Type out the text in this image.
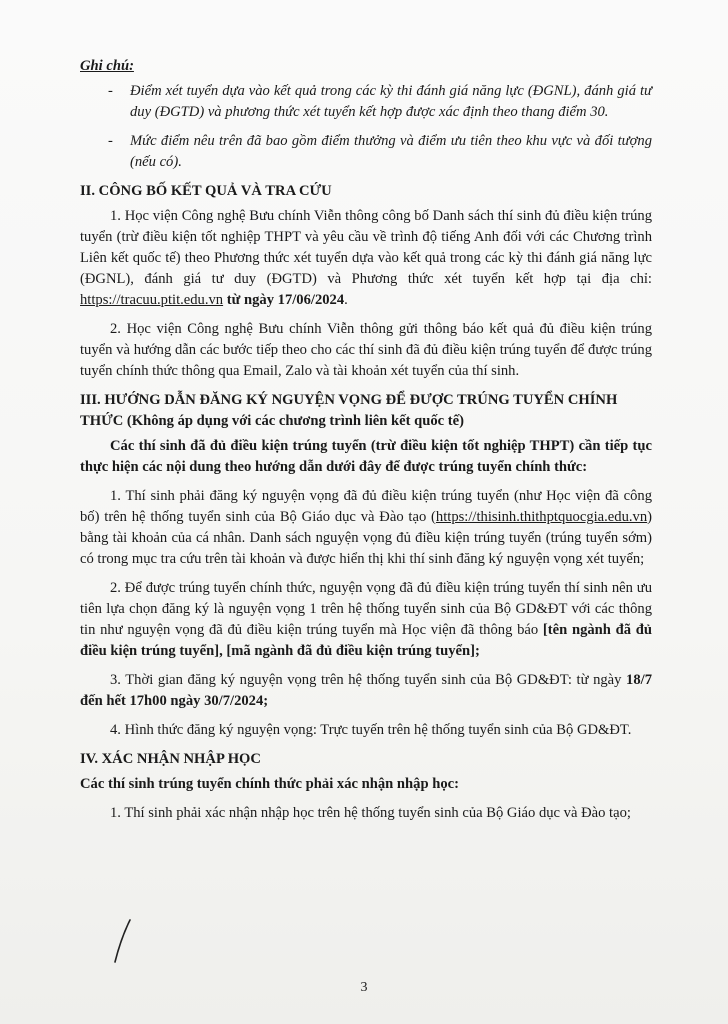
Ghi chú:
- Điểm xét tuyển dựa vào kết quả trong các kỳ thi đánh giá năng lực (ĐGNL), đánh giá tư duy (ĐGTD) và phương thức xét tuyển kết hợp được xác định theo thang điểm 30.
- Mức điểm nêu trên đã bao gồm điểm thưởng và điểm ưu tiên theo khu vực và đối tượng (nếu có).
II. CÔNG BỐ KẾT QUẢ VÀ TRA CỨU

1. Học viện Công nghệ Bưu chính Viễn thông công bố Danh sách thí sinh đủ điều kiện trúng tuyển (trừ điều kiện tốt nghiệp THPT và yêu cầu về trình độ tiếng Anh đối với các Chương trình Liên kết quốc tế) theo Phương thức xét tuyển dựa vào kết quả trong các kỳ thi đánh giá năng lực (ĐGNL), đánh giá tư duy (ĐGTD) và Phương thức xét tuyển kết hợp tại địa chỉ: https://tracuu.ptit.edu.vn từ ngày 17/06/2024.

2. Học viện Công nghệ Bưu chính Viễn thông gửi thông báo kết quả đủ điều kiện trúng tuyển và hướng dẫn các bước tiếp theo cho các thí sinh đã đủ điều kiện trúng tuyển để được trúng tuyển chính thức thông qua Email, Zalo và tài khoản xét tuyển của thí sinh.

III. HƯỚNG DẪN ĐĂNG KÝ NGUYỆN VỌNG ĐỂ ĐƯỢC TRÚNG TUYỂN CHÍNH THỨC (Không áp dụng với các chương trình liên kết quốc tế)

Các thí sinh đã đủ điều kiện trúng tuyển (trừ điều kiện tốt nghiệp THPT) cần tiếp tục thực hiện các nội dung theo hướng dẫn dưới đây để được trúng tuyển chính thức:

1. Thí sinh phải đăng ký nguyện vọng đã đủ điều kiện trúng tuyển (như Học viện đã công bố) trên hệ thống tuyển sinh của Bộ Giáo dục và Đào tạo (https://thisinh.thithptquocgia.edu.vn) bằng tài khoản của cá nhân. Danh sách nguyện vọng đủ điều kiện trúng tuyển (trúng tuyển sớm) có trong mục tra cứu trên tài khoản và được hiển thị khi thí sinh đăng ký nguyện vọng xét tuyển;

2. Để được trúng tuyển chính thức, nguyện vọng đã đủ điều kiện trúng tuyển thí sinh nên ưu tiên lựa chọn đăng ký là nguyện vọng 1 trên hệ thống tuyển sinh của Bộ GD&ĐT với các thông tin như nguyện vọng đã đủ điều kiện trúng tuyển mà Học viện đã thông báo [tên ngành đã đủ điều kiện trúng tuyển], [mã ngành đã đủ điều kiện trúng tuyển];

3. Thời gian đăng ký nguyện vọng trên hệ thống tuyển sinh của Bộ GD&ĐT: từ ngày 18/7 đến hết 17h00 ngày 30/7/2024;

4. Hình thức đăng ký nguyện vọng: Trực tuyến trên hệ thống tuyển sinh của Bộ GD&ĐT.

IV. XÁC NHẬN NHẬP HỌC

Các thí sinh trúng tuyển chính thức phải xác nhận nhập học:

1. Thí sinh phải xác nhận nhập học trên hệ thống tuyển sinh của Bộ Giáo dục và Đào tạo;

3
